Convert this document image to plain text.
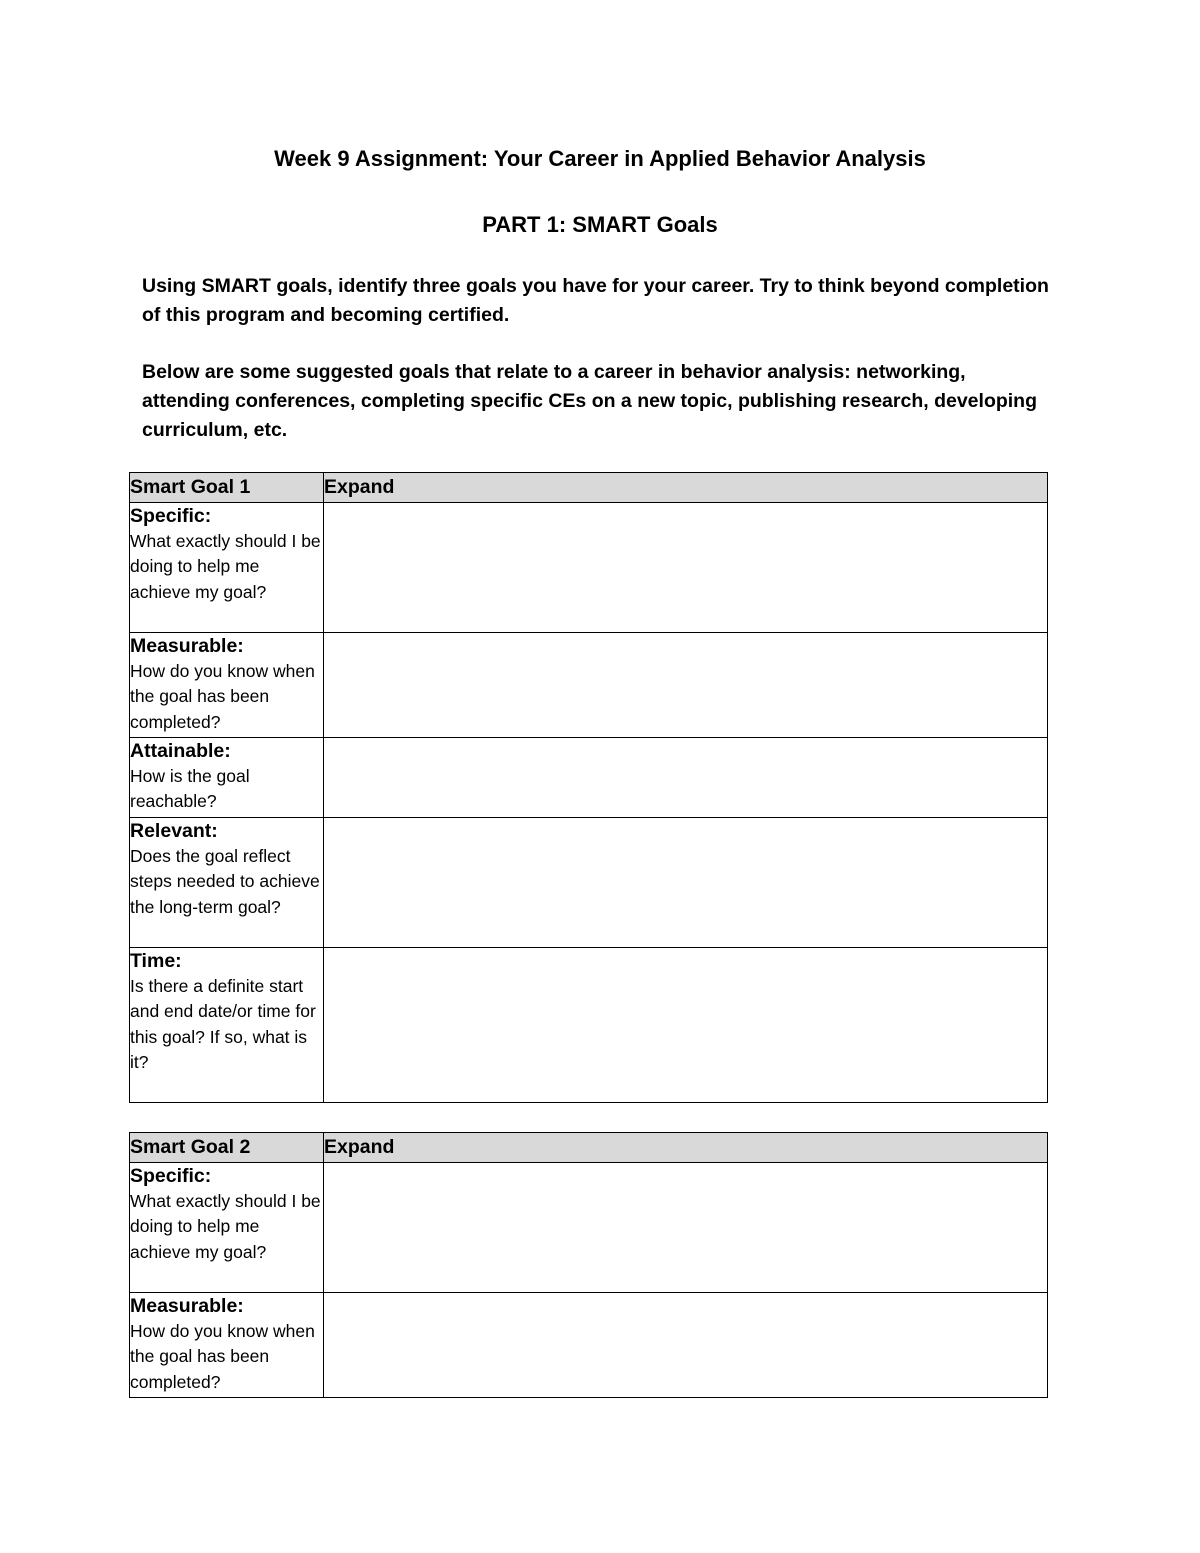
Week 9 Assignment: Your Career in Applied Behavior Analysis
PART 1: SMART Goals
Using SMART goals, identify three goals you have for your career. Try to think beyond completion of this program and becoming certified.
Below are some suggested goals that relate to a career in behavior analysis: networking, attending conferences, completing specific CEs on a new topic, publishing research, developing curriculum, etc.
Smart Goal 1	Expand

Specific:
What exactly should I be doing to help me achieve my goal?	

Measurable:
How do you know when the goal has been completed?	

Attainable:
How is the goal reachable?	

Relevant:
Does the goal reflect steps needed to achieve the long-term goal?	

Time:
Is there a definite start and end date/or time for this goal? If so, what is it?	

Smart Goal 2	Expand

Specific:
What exactly should I be doing to help me achieve my goal?	

Measurable:
How do you know when the goal has been completed?	
